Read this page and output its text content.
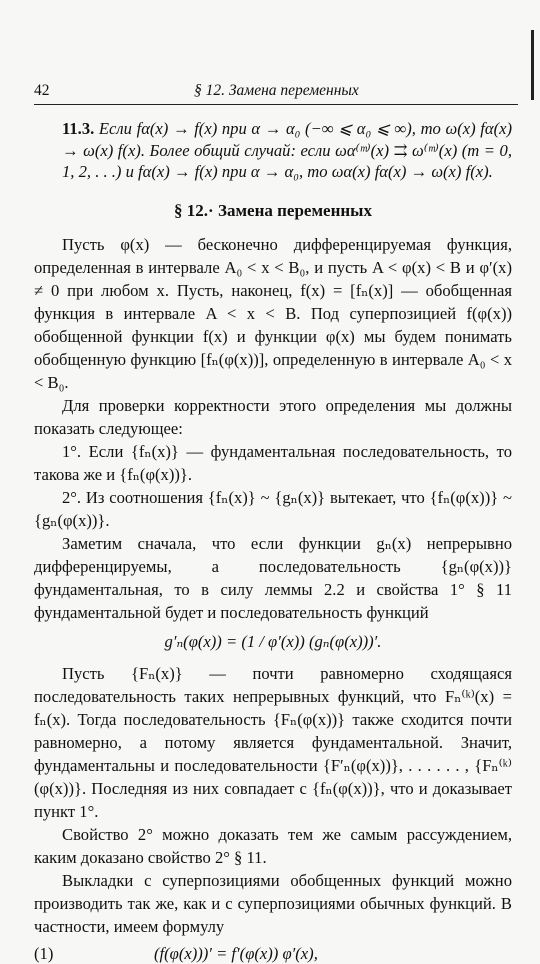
42	§ 12. Замена переменных

11.3. Если fα(x) → f(x) при α → α₀ (−∞ ⩽ α₀ ⩽ ∞), то ω(x) fα(x) → ω(x) f(x). Более общий случай: если ωα⁽ᵐ⁾(x) ⇉ ω⁽ᵐ⁾(x) (m = 0, 1, 2, . . .) и fα(x) → f(x) при α → α₀, то ωα(x) fα(x) → ω(x) f(x).

§ 12.· Замена переменных

Пусть φ(x) — бесконечно дифференцируемая функция, определенная в интервале A₀ < x < B₀, и пусть A < φ(x) < B и φ′(x) ≠ 0 при любом x. Пусть, наконец, f(x) = [fₙ(x)] — обобщенная функция в интервале A < x < B. Под суперпозицией f(φ(x)) обобщенной функции f(x) и функции φ(x) мы будем понимать обобщенную функцию [fₙ(φ(x))], определенную в интервале A₀ < x < B₀.

Для проверки корректности этого определения мы должны показать следующее:

1°. Если {fₙ(x)} — фундаментальная последовательность, то такова же и {fₙ(φ(x))}.

2°. Из соотношения {fₙ(x)} ~ {gₙ(x)} вытекает, что {fₙ(φ(x))} ~ {gₙ(φ(x))}.

Заметим сначала, что если функции gₙ(x) непрерывно дифференцируемы, а последовательность {gₙ(φ(x))} фундаментальная, то в силу леммы 2.2 и свойства 1° § 11 фундаментальной будет и последовательность функций

g′ₙ(φ(x)) = (1 / φ′(x)) (gₙ(φ(x)))′.

Пусть {Fₙ(x)} — почти равномерно сходящаяся последовательность таких непрерывных функций, что Fₙ⁽ᵏ⁾(x) = fₙ(x). Тогда последовательность {Fₙ(φ(x))} также сходится почти равномерно, а потому является фундаментальной. Значит, фундаментальны и последовательности {F′ₙ(φ(x))}, . . . . . . , {Fₙ⁽ᵏ⁾(φ(x))}. Последняя из них совпадает с {fₙ(φ(x))}, что и доказывает пункт 1°.

Свойство 2° можно доказать тем же самым рассуждением, каким доказано свойство 2° § 11.

Выкладки с суперпозициями обобщенных функций можно производить так же, как и с суперпозициями обычных функций. В частности, имеем формулу

(1)	(f(φ(x)))′ = f′(φ(x)) φ′(x),
